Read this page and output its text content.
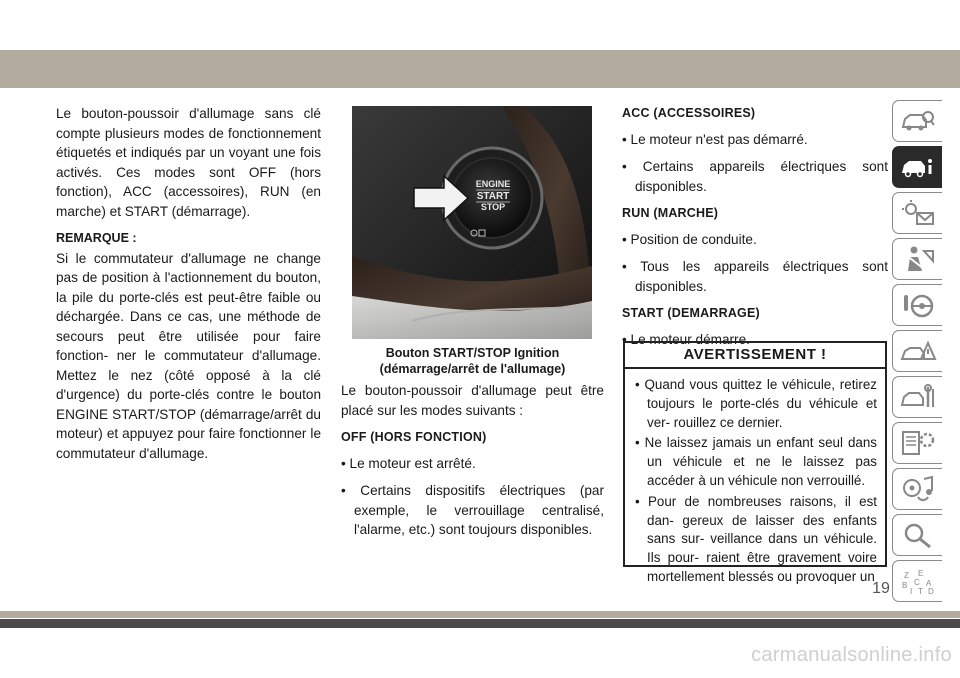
Le bouton-poussoir d'allumage sans clé compte plusieurs modes de fonctionnement étiquetés et indiqués par un voyant une fois activés. Ces modes sont OFF (hors fonction), ACC (accessoires), RUN (en marche) et START (démarrage).

REMARQUE :

Si le commutateur d'allumage ne change pas de position à l'actionnement du bouton, la pile du porte-clés est peut-être faible ou déchargée. Dans ce cas, une méthode de secours peut être utilisée pour faire fonction- ner le commutateur d'allumage. Mettez le nez (côté opposé à la clé d'urgence) du porte-clés contre le bouton ENGINE START/STOP (démarrage/arrêt du moteur) et appuyez pour faire fonctionner le commutateur d'allumage.

ENGINE
START
STOP
Bouton START/STOP Ignition
(démarrage/arrêt de l'allumage)

Le bouton-poussoir d'allumage peut être placé sur les modes suivants :

OFF (HORS FONCTION)

• Le moteur est arrêté.

• Certains dispositifs électriques (par exemple, le verrouillage centralisé, l'alarme, etc.) sont toujours disponibles.

ACC (ACCESSOIRES)

• Le moteur n'est pas démarré.

• Certains appareils électriques sont disponibles.

RUN (MARCHE)

• Position de conduite.

• Tous les appareils électriques sont disponibles.

START (DEMARRAGE)

• Le moteur démarre.

AVERTISSEMENT !
• Quand vous quittez le véhicule, retirez toujours le porte-clés du véhicule et ver- rouillez ce dernier.
• Ne laissez jamais un enfant seul dans un véhicule et ne le laissez pas accéder à un véhicule non verrouillé.
• Pour de nombreuses raisons, il est dan- gereux de laisser des enfants sans sur- veillance dans un véhicule. Ils pour- raient être gravement voire mortellement blessés ou provoquer un	Z E
B C A
I T D
19
carmanualsonline.info
